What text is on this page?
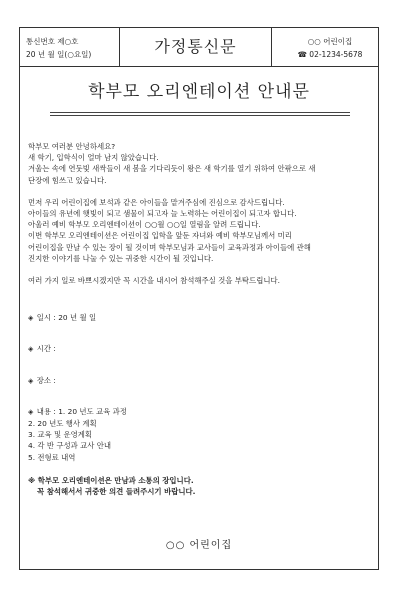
통신번호 제○호
20 년 월 일(○요일)	가정통신문	○○ 어린이집
☎ 02-1234-5678
학부모 오리엔테이션 안내문

학부모 여러분 안녕하세요?

새 학기, 입학식이 얼마 남지 않았습니다.

겨울는 속에 연둣빛 새싹들이 새 봄을 기다리듯이 왕은 새 학기를 열기 위하여 안팎으로 새

단장에 힘쓰고 있습니다.

먼저 우리 어린이집에 보석과 같은 아이들을 맡겨주심에 진심으로 감사드립니다.

아이들의 유년에 햇빛이 되고 샘물이 되고자 늘 노력하는 어린이집이 되고자 합니다.

아울러 예비 학부모 오리엔테이션이 ○○월 ○○일 열림을 알려 드립니다.

이번 학부모 오리엔테이션은 어린이집 입학을 앞둔 자녀와 예비 학부모님께서 미리

어린이집을 만날 수 있는 장이 될 것이며 학부모님과 교사들이 교육과정과 아이들에 관해

진지한 이야기를 나눌 수 있는 귀중한 시간이 될 것입니다.

여러 가지 일로 바쁘시겠지만 꼭 시간을 내시어 참석해주실 것을 부탁드립니다.

◈ 일시 : 20 년 월 일

◈ 시간 :

◈ 장소 :

◈ 내용 : 1. 20 년도 교육 과정

2. 20 년도 행사 계획

3. 교육 및 운영계획

4. 각 반 구성과 교사 안내

5. 전형료 내역

※ 학부모 오리엔테이션은 만남과 소통의 장입니다.

꼭 참석해서서 귀중한 의견 들려주시기 바랍니다.

○○ 어린이집
